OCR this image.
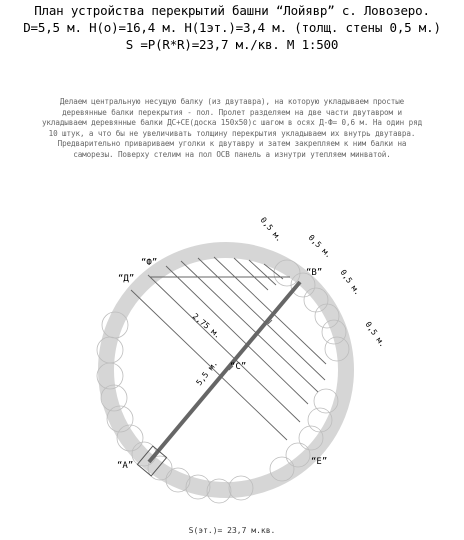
План устройства перекрытий башни “Лойявр” с. Ловозеро.
D=5,5 м. H(о)=16,4 м. H(1эт.)=3,4 м. (толщ. стены 0,5 м.)
S =P(R*R)=23,7 м./кв. М 1:500
Делаем центральную несущую балку (из двутавра), на которую укладываем простые
деревянные балки перекрытия - пол. Пролет разделяем на две части двутавром и
укладываем деревянные балки ДС+СЕ(доска 150х50)с шагом в осях Д-Ф= 0,6 м. На один ряд
10 штук, а что бы не увеличивать толщину перекрытия укладываем их внутрь двутавра.
Предварительно привариваем уголки к двутавру и затем закрепляем к ним балки на
саморезы. Поверху стелим на пол ОСВ панель а изнутри утепляем минватой.
“Д”
“Ф”
“В”
“С”
“А”	“Е”
2,75 м.
5,5 м.
0,5 м.
0,5 м.
0,5 м.
0,5 м.
S(эт.)= 23,7 м.кв.
